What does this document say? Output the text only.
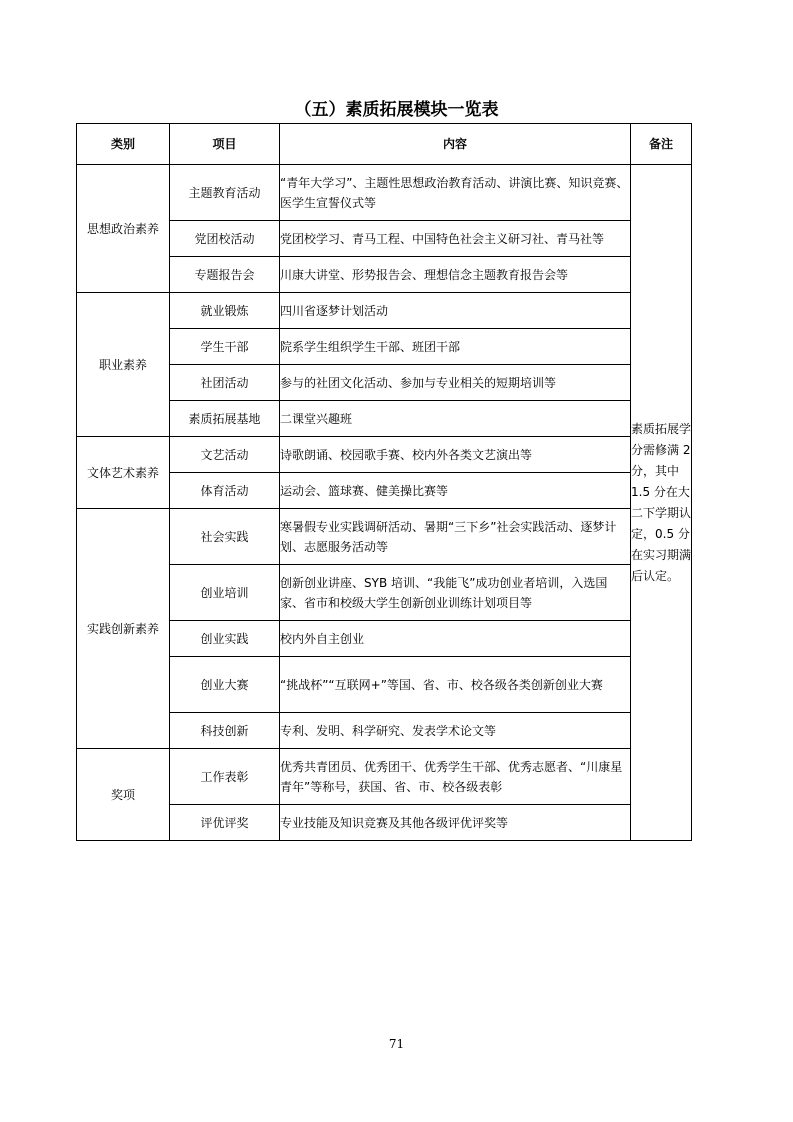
（五）素质拓展模块一览表
类别	项目	内容	备注
思想政治素养	主题教育活动	“青年大学习”、主题性思想政治教育活动、讲演比赛、知识竞赛、医学生宣誓仪式等	素质拓展学分需修满 2 分，其中 1.5 分在大二下学期认定，0.5 分在实习期满后认定。
	党团校活动	党团校学习、青马工程、中国特色社会主义研习社、青马社等	
	专题报告会	川康大讲堂、形势报告会、理想信念主题教育报告会等	
职业素养	就业锻炼	四川省逐梦计划活动	
	学生干部	院系学生组织学生干部、班团干部	
	社团活动	参与的社团文化活动、参加与专业相关的短期培训等	
	素质拓展基地	二课堂兴趣班	
文体艺术素养	文艺活动	诗歌朗诵、校园歌手赛、校内外各类文艺演出等	
	体育活动	运动会、篮球赛、健美操比赛等	
实践创新素养	社会实践	寒暑假专业实践调研活动、暑期“三下乡”社会实践活动、逐梦计划、志愿服务活动等	
	创业培训	创新创业讲座、SYB 培训、“我能飞”成功创业者培训，入选国家、省市和校级大学生创新创业训练计划项目等	
	创业实践	校内外自主创业	
	创业大赛	“挑战杯”“互联网+”等国、省、市、校各级各类创新创业大赛	
	科技创新	专利、发明、科学研究、发表学术论文等	
奖项	工作表彰	优秀共青团员、优秀团干、优秀学生干部、优秀志愿者、“川康星青年”等称号，获国、省、市、校各级表彰	
	评优评奖	专业技能及知识竞赛及其他各级评优评奖等	
71
